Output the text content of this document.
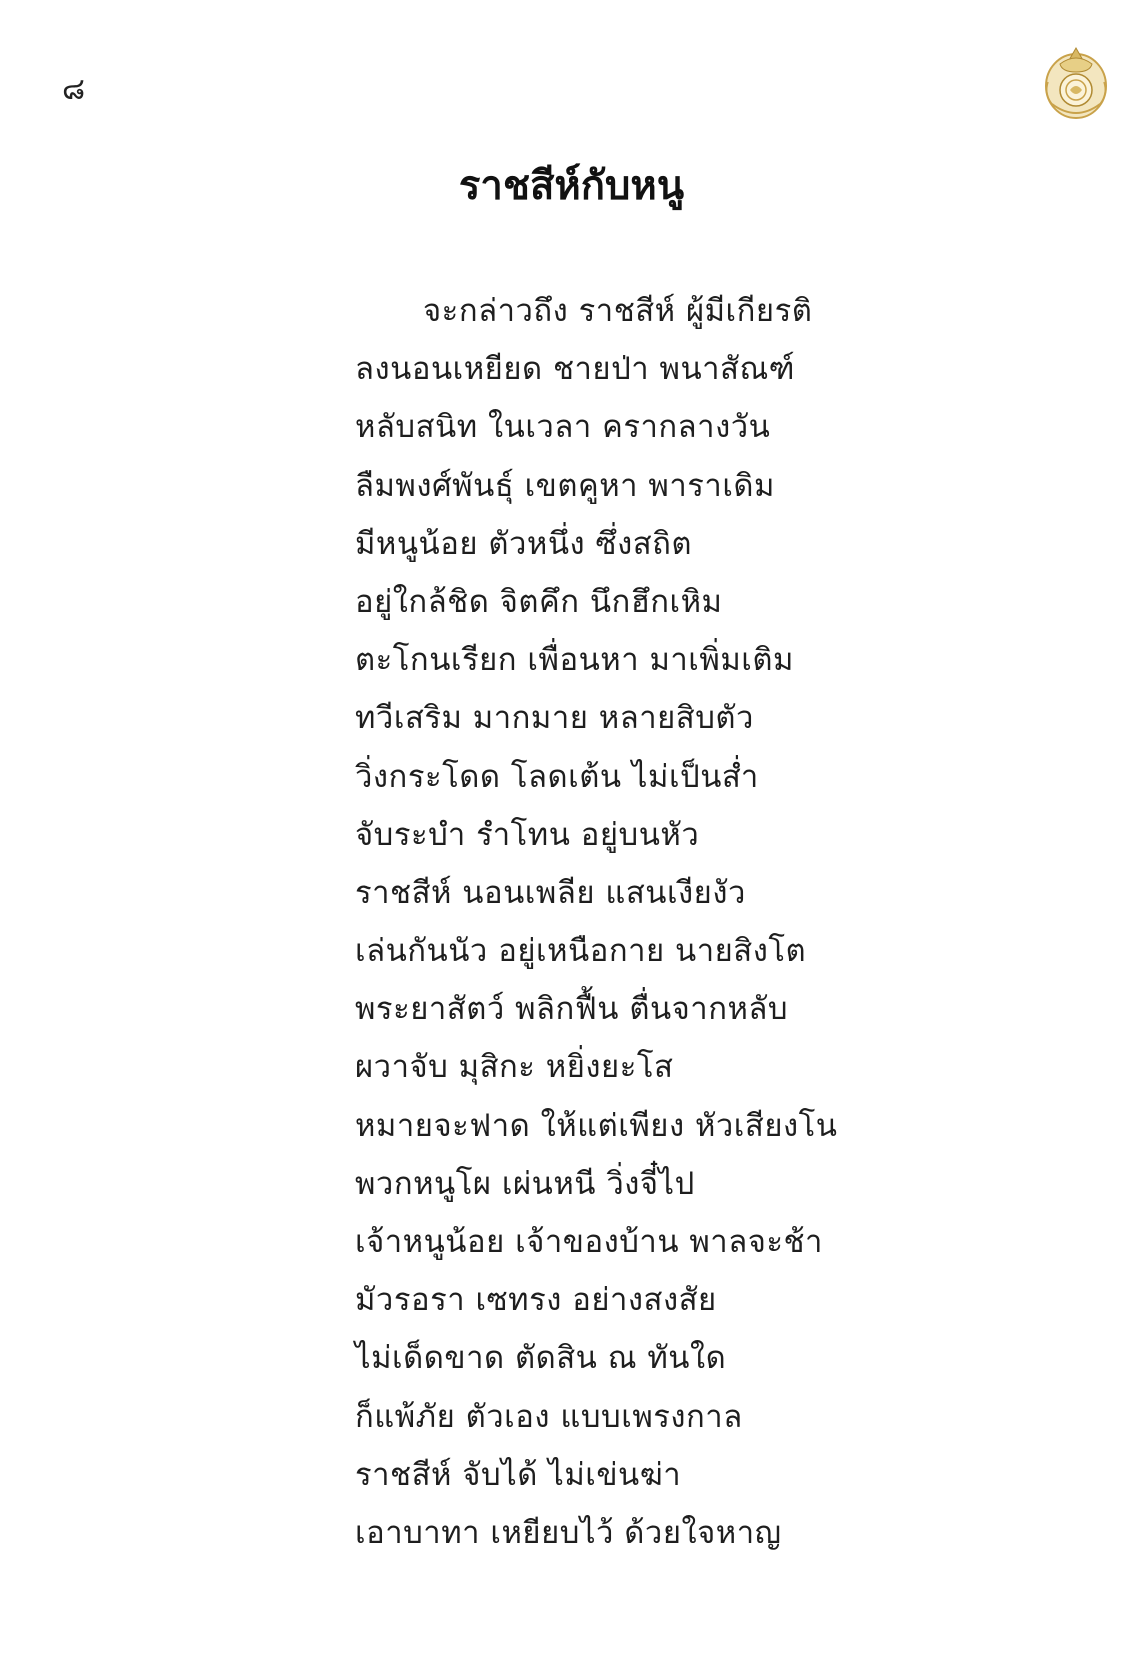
๘
ราชสีห์กับหนู
จะกล่าวถึง ราชสีห์ ผู้มีเกียรติ
ลงนอนเหยียด ชายป่า พนาสัณฑ์
หลับสนิท ในเวลา ครากลางวัน
ลืมพงศ์พันธุ์ เขตคูหา พาราเดิม
มีหนูน้อย ตัวหนึ่ง ซึ่งสถิต
อยู่ใกล้ชิด จิตคึก นึกฮึกเหิม
ตะโกนเรียก เพื่อนหา มาเพิ่มเติม
ทวีเสริม มากมาย หลายสิบตัว
วิ่งกระโดด โลดเต้น ไม่เป็นส่ำ
จับระบำ รำโทน อยู่บนหัว
ราชสีห์ นอนเพลีย แสนเงียงัว
เล่นกันนัว อยู่เหนือกาย นายสิงโต
พระยาสัตว์ พลิกฟื้น ตื่นจากหลับ
ผวาจับ มุสิกะ หยิ่งยะโส
หมายจะฟาด ให้แต่เพียง หัวเสียงโน
พวกหนูโผ เผ่นหนี วิ่งจี๋ไป
เจ้าหนูน้อย เจ้าของบ้าน พาลจะช้า
มัวรอรา เซทรง อย่างสงสัย
ไม่เด็ดขาด ตัดสิน ณ ทันใด
ก็แพ้ภัย ตัวเอง แบบเพรงกาล
ราชสีห์ จับได้ ไม่เข่นฆ่า
เอาบาทา เหยียบไว้ ด้วยใจหาญ
